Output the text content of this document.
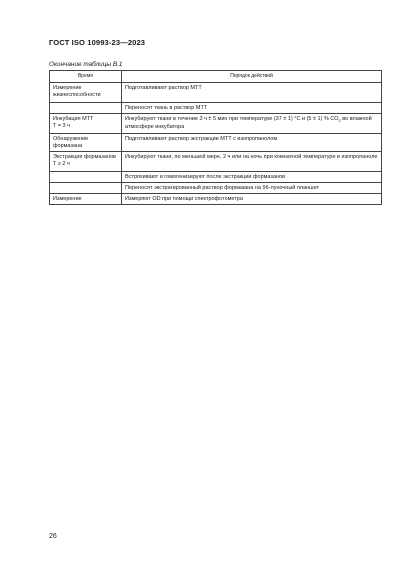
ГОСТ ISO 10993-23—2023
Окончание таблицы В.1
Время	Порядок действий
Измерение жизнеспособности	Подготавливают раствор МТТ
	Переносят ткань в раствор МТТ
Инкубация МТТ
T = 3 ч	Инкубируют ткани в течение 3 ч ± 5 мин при температуре (37 ± 1) °С и (5 ± 1) % $СО_2$ во влажной атмосфере инкубатора
Обнаружение формазана	Подготавливают раствор экстракции МТТ с изопропанолом
Экстракция формазанов
T ≥ 2 ч	Инкубируют ткани, по меньшей мере, 2 ч или на ночь при комнатной температуре в изопропаноле
	Встряхивают и гомогенизируют после экстракции формазанов
	Переносят экстрагированный раствор формазана на 96-луночный планшет
Измерение	Измеряют ОD при помощи спектрофотометра
26
